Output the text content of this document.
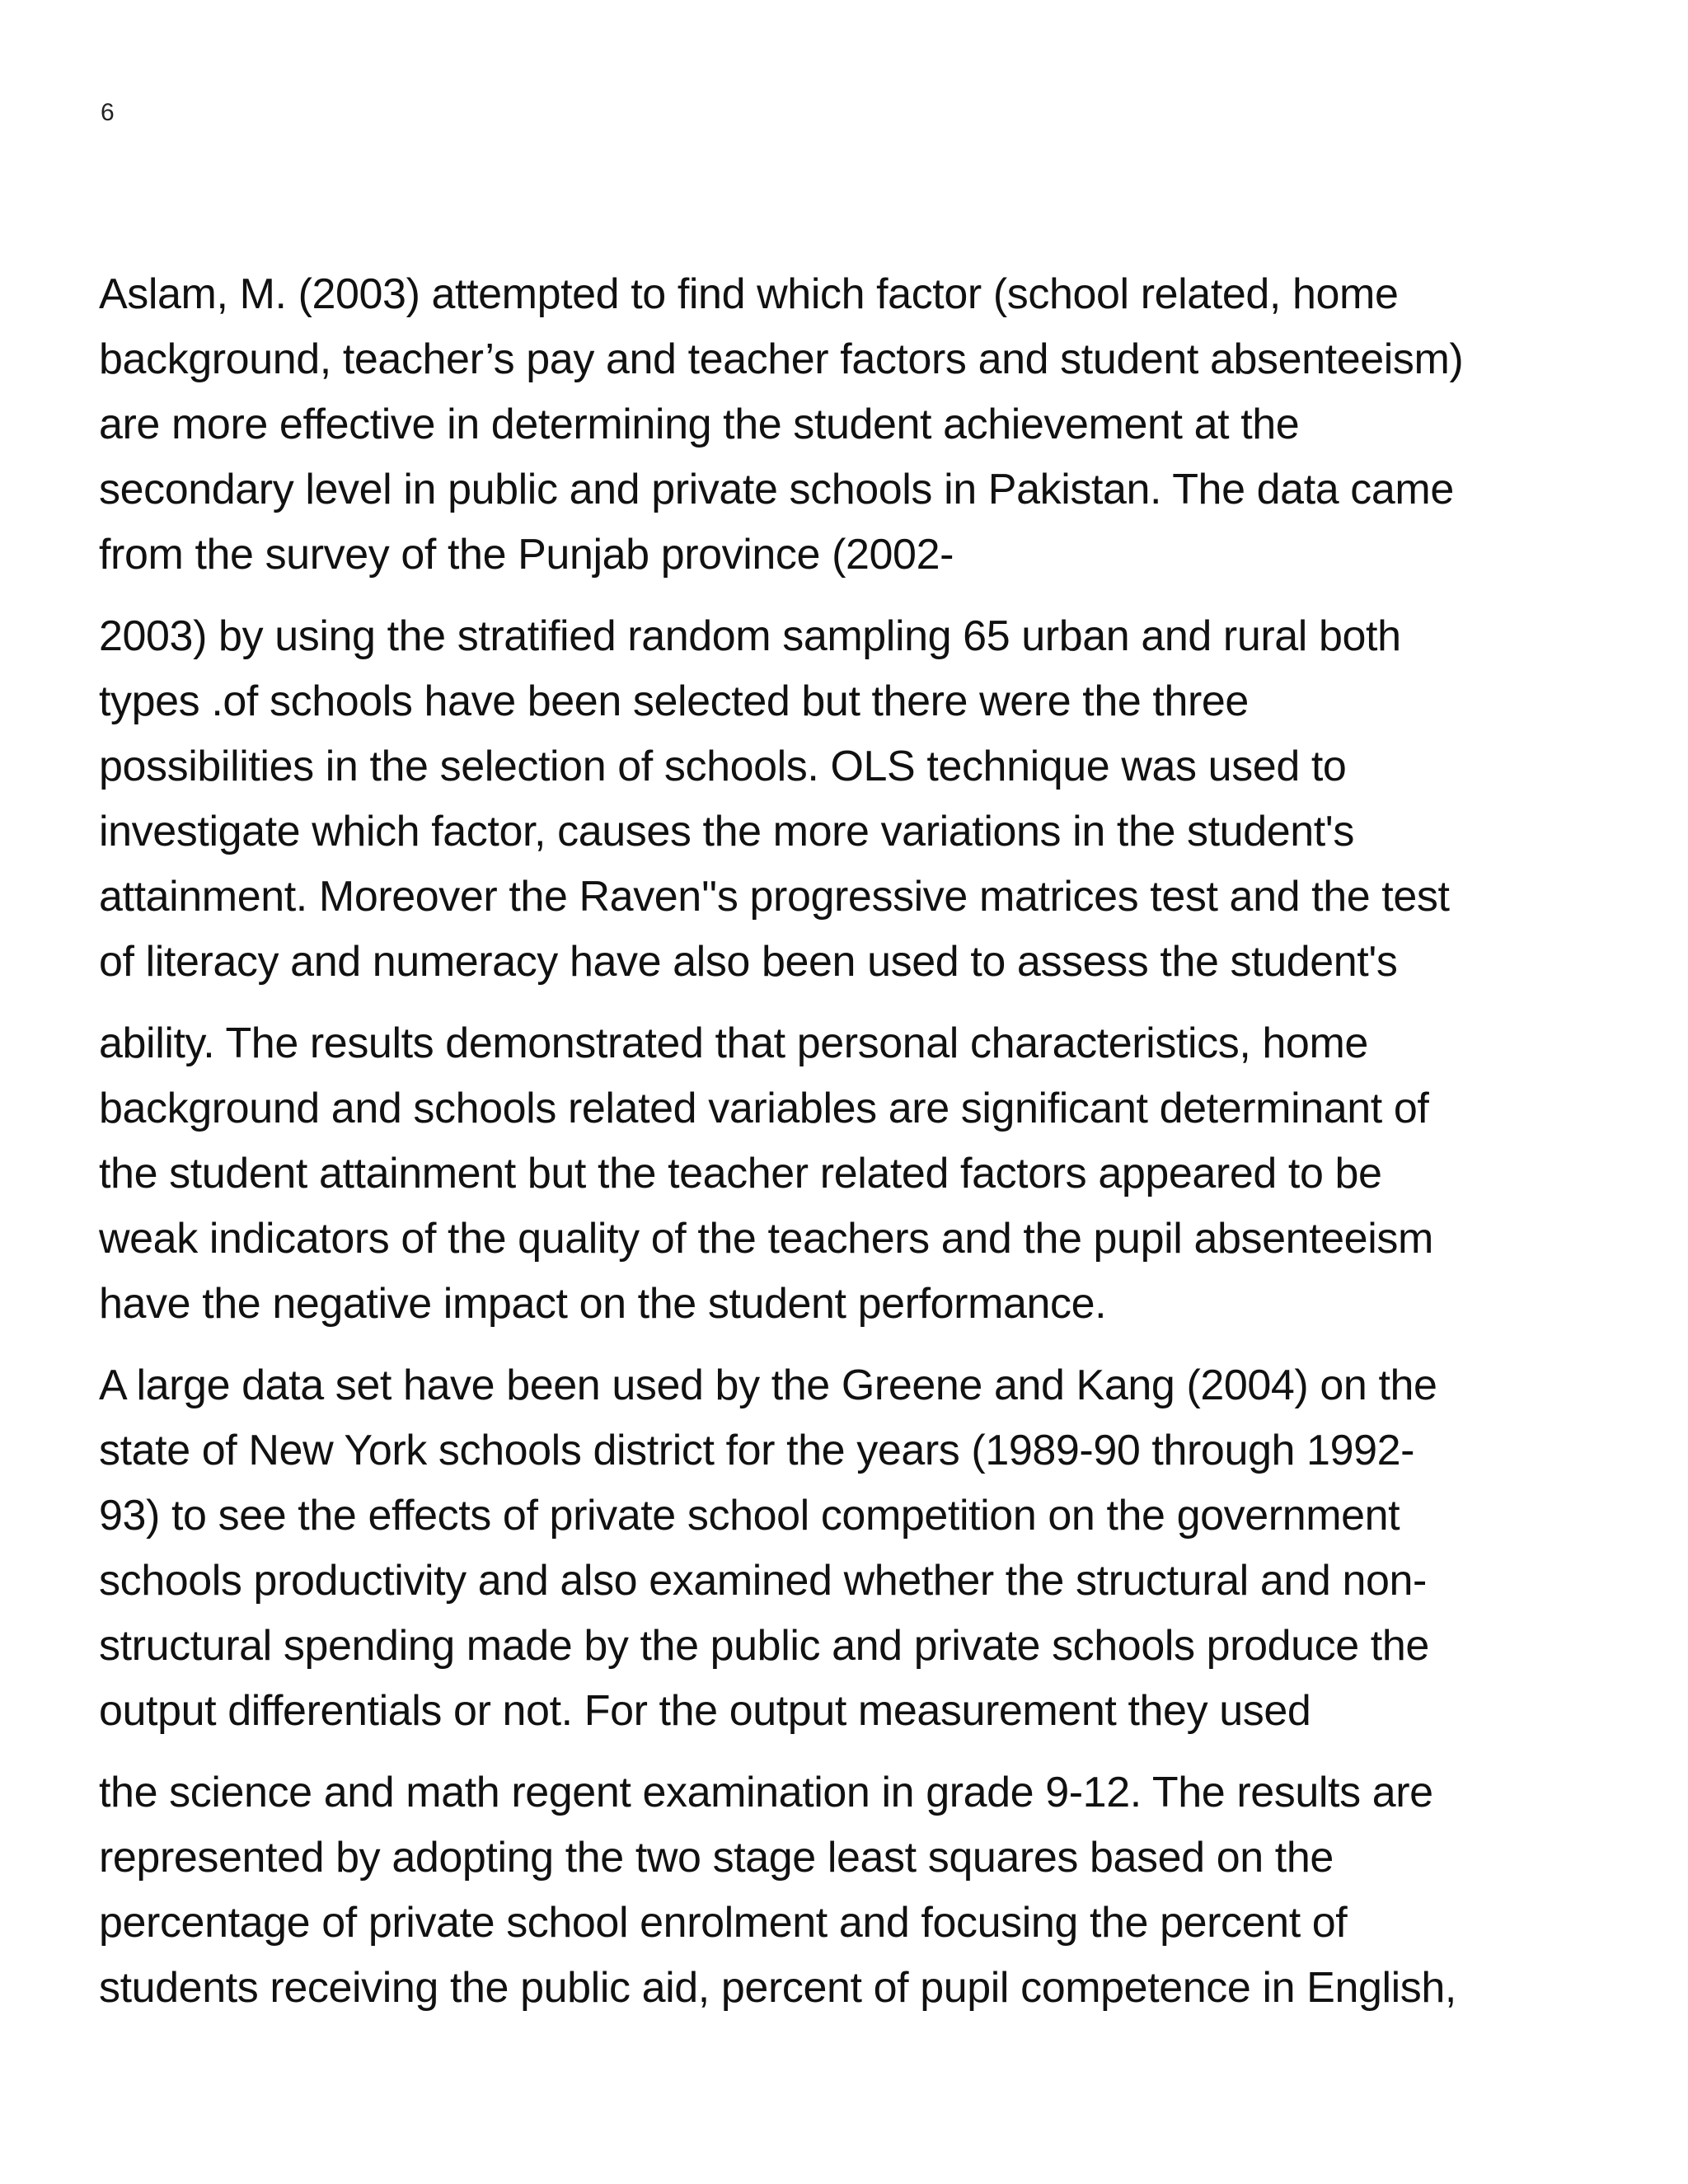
6

Aslam, M. (2003) attempted to find which factor (school related, home
background, teacher’s pay and teacher factors and student absenteeism)
are more effective in determining the student achievement at the
secondary level in public and private schools in Pakistan. The data came
from the survey of the Punjab province (2002-

2003) by using the stratified random sampling 65 urban and rural both
types .of schools have been selected but there were the three
possibilities in the selection of schools. OLS technique was used to
investigate which factor, causes the more variations in the student's
attainment. Moreover the Raven''s progressive matrices test and the test
of literacy and numeracy have also been used to assess the student's

ability. The results demonstrated that personal characteristics, home
background and schools related variables are significant determinant of
the student attainment but the teacher related factors appeared to be
weak indicators of the quality of the teachers and the pupil absenteeism
have the negative impact on the student performance.

A large data set have been used by the Greene and Kang (2004) on the
state of New York schools district for the years (1989-90 through 1992-
93) to see the effects of private school competition on the government
schools productivity and also examined whether the structural and non-
structural spending made by the public and private schools produce the
output differentials or not. For the output measurement they used

the science and math regent examination in grade 9-12. The results are
represented by adopting the two stage least squares based on the
percentage of private school enrolment and focusing the percent of
students receiving the public aid, percent of pupil competence in English,
